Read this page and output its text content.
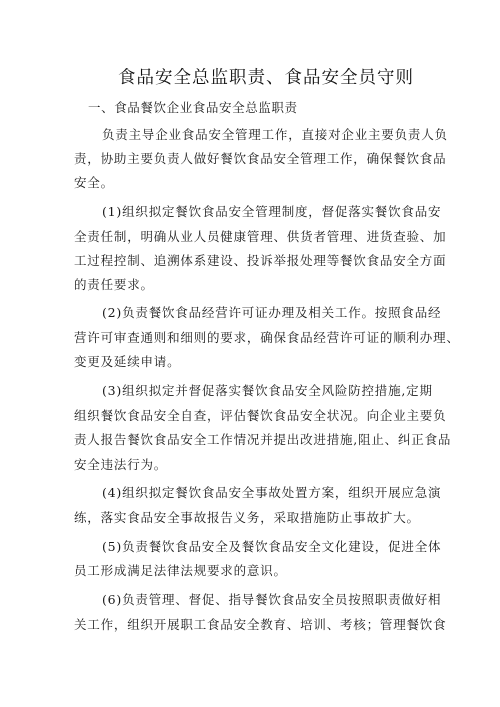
食品安全总监职责、食品安全员守则
一、食品餐饮企业食品安全总监职责
负责主导企业食品安全管理工作，直接对企业主要负责人负
责，协助主要负责人做好餐饮食品安全管理工作，确保餐饮食品
安全。
(1)组织拟定餐饮食品安全管理制度，督促落实餐饮食品安
全责任制，明确从业人员健康管理、供货者管理、进货查验、加
工过程控制、追溯体系建设、投诉举报处理等餐饮食品安全方面
的责任要求。
(2)负责餐饮食品经营许可证办理及相关工作。按照食品经
营许可审查通则和细则的要求，确保食品经营许可证的顺利办理、
变更及延续申请。
(3)组织拟定并督促落实餐饮食品安全风险防控措施,定期
组织餐饮食品安全自查，评估餐饮食品安全状况。向企业主要负
责人报告餐饮食品安全工作情况并提出改进措施,阻止、纠正食品
安全违法行为。
(4)组织拟定餐饮食品安全事故处置方案，组织开展应急演
练，落实食品安全事故报告义务，采取措施防止事故扩大。
(5)负责餐饮食品安全及餐饮食品安全文化建设，促进全体
员工形成满足法律法规要求的意识。
(6)负责管理、督促、指导餐饮食品安全员按照职责做好相
关工作，组织开展职工食品安全教育、培训、考核；管理餐饮食
